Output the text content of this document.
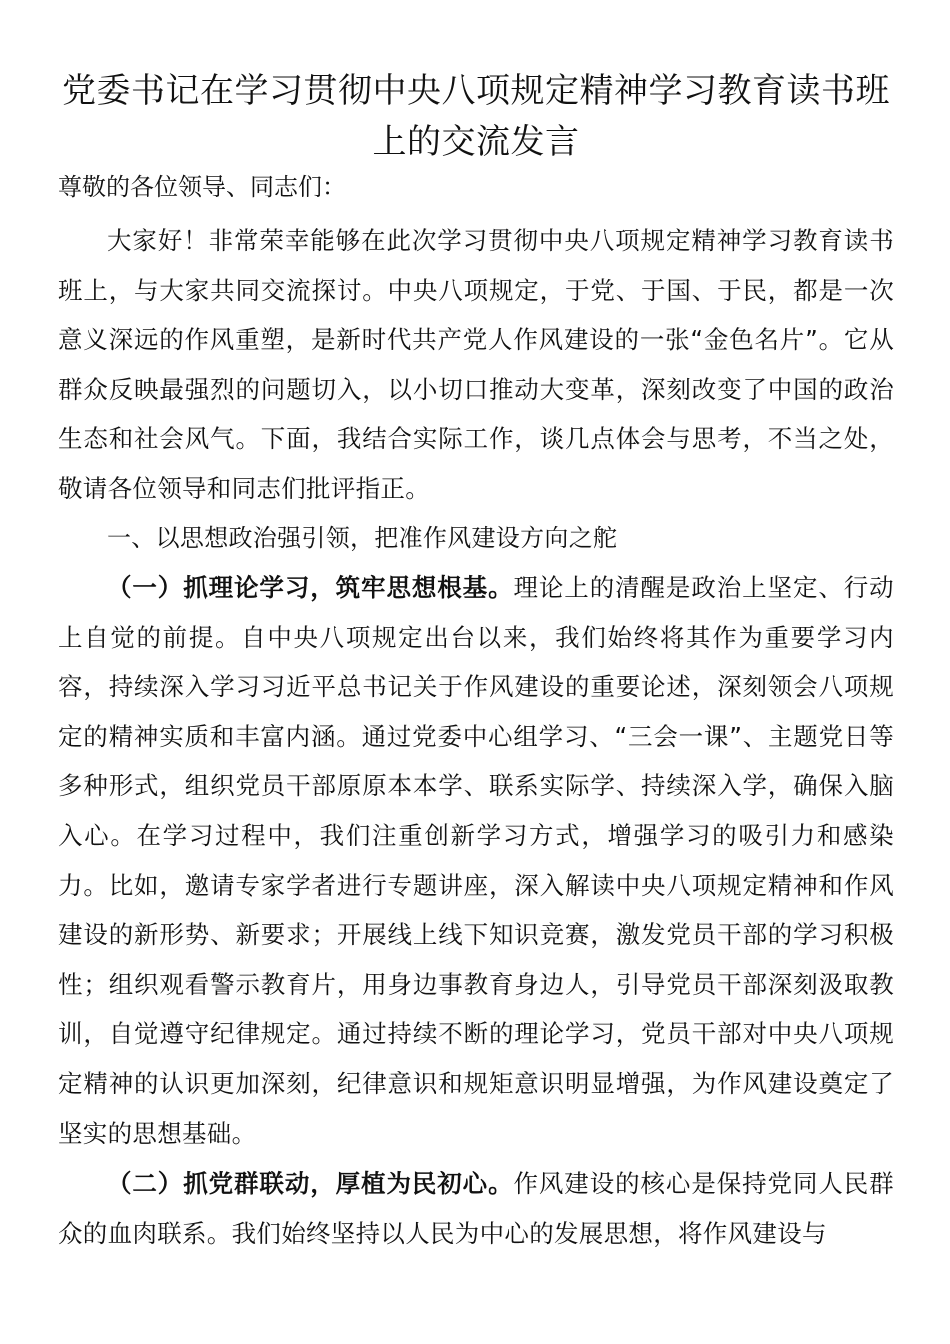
党委书记在学习贯彻中央八项规定精神学习教育读书班上的交流发言

尊敬的各位领导、同志们：

大家好！非常荣幸能够在此次学习贯彻中央八项规定精神学习教育读书班上，与大家共同交流探讨。中央八项规定，于党、于国、于民，都是一次意义深远的作风重塑，是新时代共产党人作风建设的一张“金色名片”。它从群众反映最强烈的问题切入，以小切口推动大变革，深刻改变了中国的政治生态和社会风气。下面，我结合实际工作，谈几点体会与思考，不当之处，敬请各位领导和同志们批评指正。

一、以思想政治强引领，把准作风建设方向之舵

（一）抓理论学习，筑牢思想根基。理论上的清醒是政治上坚定、行动上自觉的前提。自中央八项规定出台以来，我们始终将其作为重要学习内容，持续深入学习习近平总书记关于作风建设的重要论述，深刻领会八项规定的精神实质和丰富内涵。通过党委中心组学习、“三会一课”、主题党日等多种形式，组织党员干部原原本本学、联系实际学、持续深入学，确保入脑入心。在学习过程中，我们注重创新学习方式，增强学习的吸引力和感染力。比如，邀请专家学者进行专题讲座，深入解读中央八项规定精神和作风建设的新形势、新要求；开展线上线下知识竞赛，激发党员干部的学习积极性；组织观看警示教育片，用身边事教育身边人，引导党员干部深刻汲取教训，自觉遵守纪律规定。通过持续不断的理论学习，党员干部对中央八项规定精神的认识更加深刻，纪律意识和规矩意识明显增强，为作风建设奠定了坚实的思想基础。

（二）抓党群联动，厚植为民初心。作风建设的核心是保持党同人民群众的血肉联系。我们始终坚持以人民为中心的发展思想，将作风建设与
